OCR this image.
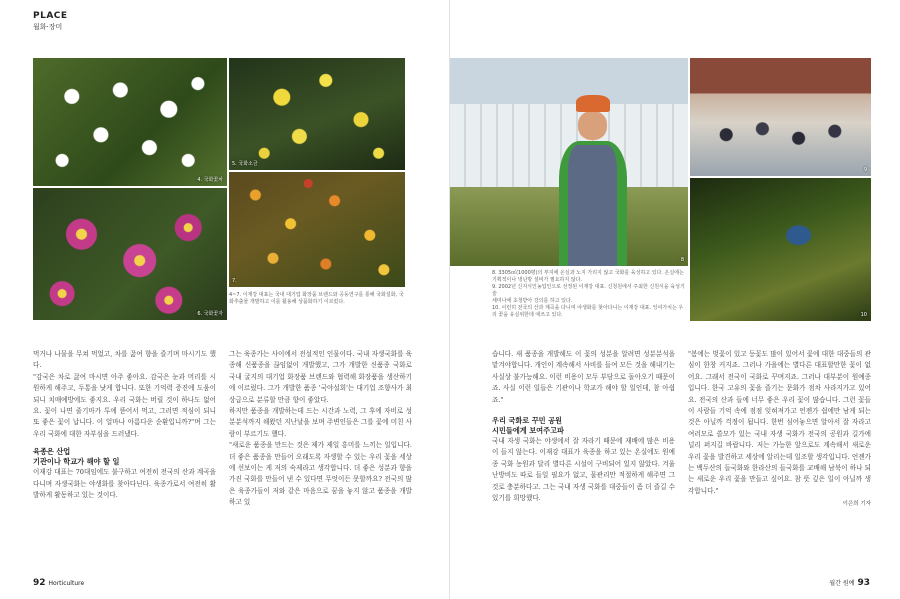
PLACE
월화·장미
4. 국화꽃차
5. 국화소금
6. 국화꽃자
7.
4~7. 이재강 대표는 국내 대기업 화장품 브랜드와 공동연구를 통해 국화설화, 국
화추출물 개발하고 이를 활용해 상품화하기 이르렀다.

먹거나 나물을 무쳐 먹었고, 차를 끓여 향을 즐기며 마시기도 했다.

"감국은 차로 끓여 마시면 아주 좋아요. 감국은 눈과 머리를 시원하게 해주고, 두통을 낫게 합니다. 또한 기억력 증진에 도움이 되니 치매예방에도 좋지요. 우리 국화는 버릴 것이 하나도 없어요. 꽃이 나면 줄기마가 투에 뜯어서 먹고, 그러면 적심이 되니 또 좋은 꽃이 납니다. 이 얼마나 아름다운 순환입니까?"며 그는 우리 국화에 대한 자부심을 드러냈다.

육종은 산업
기관이나 학교가 해야 할 일

이재강 대표는 70대임에도 불구하고 여전히 전국의 산과 계곡을 다니며 자생국화는 야생화를 찾아다닌다. 육종가로서 여전히 활발하게 활동하고 있는 것이다.

그는 육종가는 사이에서 전설적인 인물이다. 국내 자생국화를 육종해 신품종을 끊임없이 개발했고, 그가 개발한 신품종 국화로 국내 굴지의 대기업 화장품 브랜드와 협력해 화장품을 생산하기에 이르렀다. 그가 개발한 품종 '국야설회'는 대기업 조향사가 최상급으로 분류할 만큼 향이 좋았다.

하지만 품종을 개발하는데 드는 시간과 노력, 그 후에 자비로 성분분석까지 해왔던 지난날을 보며 주변인들은 그를 꽃에 미친 사람이 부르기도 했다.

"새로운 품종을 만드는 것은 제가 제일 흥미를 느끼는 일입니다. 더 좋은 품종을 만들어 오래도록 자생할 수 있는 우리 꽃을 세상에 선보이는 게 저의 숙제라고 생각합니다. 더 좋은 성분과 향을 가진 국화를 만들어 낸 수 있다면 무엇이든 못할까요? 전국의 많은 육종가들이 저와 같은 마음으로 꿈을 놓지 않고 품종을 개발하고 있

92 Horticulture
8
9
10
8. 3305㎡(1000평)의 부지에 온실과 노지 가리지 않고 국화를 육성하고 있다. 온실에는
기획적이나 냉난방 설비가 필요하지 않다.
9. 2002년 신지식인농업인으로 선정된 이재강 대표. 신청원에서 주최한 신원식을 육성기술
세미나에 초청받아 강의를 하고 있다.
10. 이런히 전국의 산과 계곡을 다니며 야생화를 찾아다니는 이재강 대표. 잉여가치는 우
리 꽃을 유실위한데 애쓰고 있다.

습니다. 새 품종을 개발해도 이 꽃의 성분을 알려면 성분분석을 맡겨야합니다. 개인이 계속해서 사비를 들여 모든 것을 해내기는 사실상 불가능해요. 이런 비용이 모두 부담으로 돌아오기 때문이죠. 사실 이런 일들은 기관이나 학교가 해야 할 일인데, 참 아쉽죠."

우리 국화로 꾸민 공원
시민들에게 보여주고파

국내 자생 국화는 야생에서 잘 자라기 때문에 재배에 많은 비용이 들지 않는다. 이재강 대표가 육종을 하고 있는 온실에도 원예종 국화 농원과 달리 별다른 시설이 구비되어 있지 않았다. 겨울 난방비도 따로 들일 필요가 없고, 물관리만 적절하게 해주면 그것로 충분하다고. 그는 국내 자생 국화를 대중들이 좀 더 즐길 수 있기를 희망했다.

"봄에는 벚꽃이 있고 등꽃도 많이 있어서 꽃에 대한 대중들의 관심이 한창 커지죠. 그러나 가을에는 별다른 대표할만한 꽃이 없어요. 그래서 전국이 국화로 꾸며지죠. 그러나 대부분이 원예종입니다. 한국 고유의 꽃을 즐기는 문화가 점차 사라지가고 있어요. 전국의 산과 들에 너무 좋은 우리 꽃이 많습니다. 그런 꽃들이 사람들 기억 속에 점점 잊혀져가고 언젠가 쉽에만 남게 되는 것은 아닐까 걱정이 됩니다. 한번 심어놓으면 알아서 잘 자라고 여러모로 쓸모가 있는 국내 자생 국화가 전국의 공원과 길가에 널리 퍼지길 바랍니다. 저는 가능한 앞으로도 계속해서 새로운 우리 꽃을 발견하고 세상에 알리는데 일조할 생각입니다. 언젠가는 백두산의 들국화와 한라산의 들국화를 교배해 남북이 하나 되는 새로운 우리 꽃을 만들고 싶어요. 참 뜻 깊은 일이 아닐까 생각합니다."

이은희 기자
월간 원예 93
